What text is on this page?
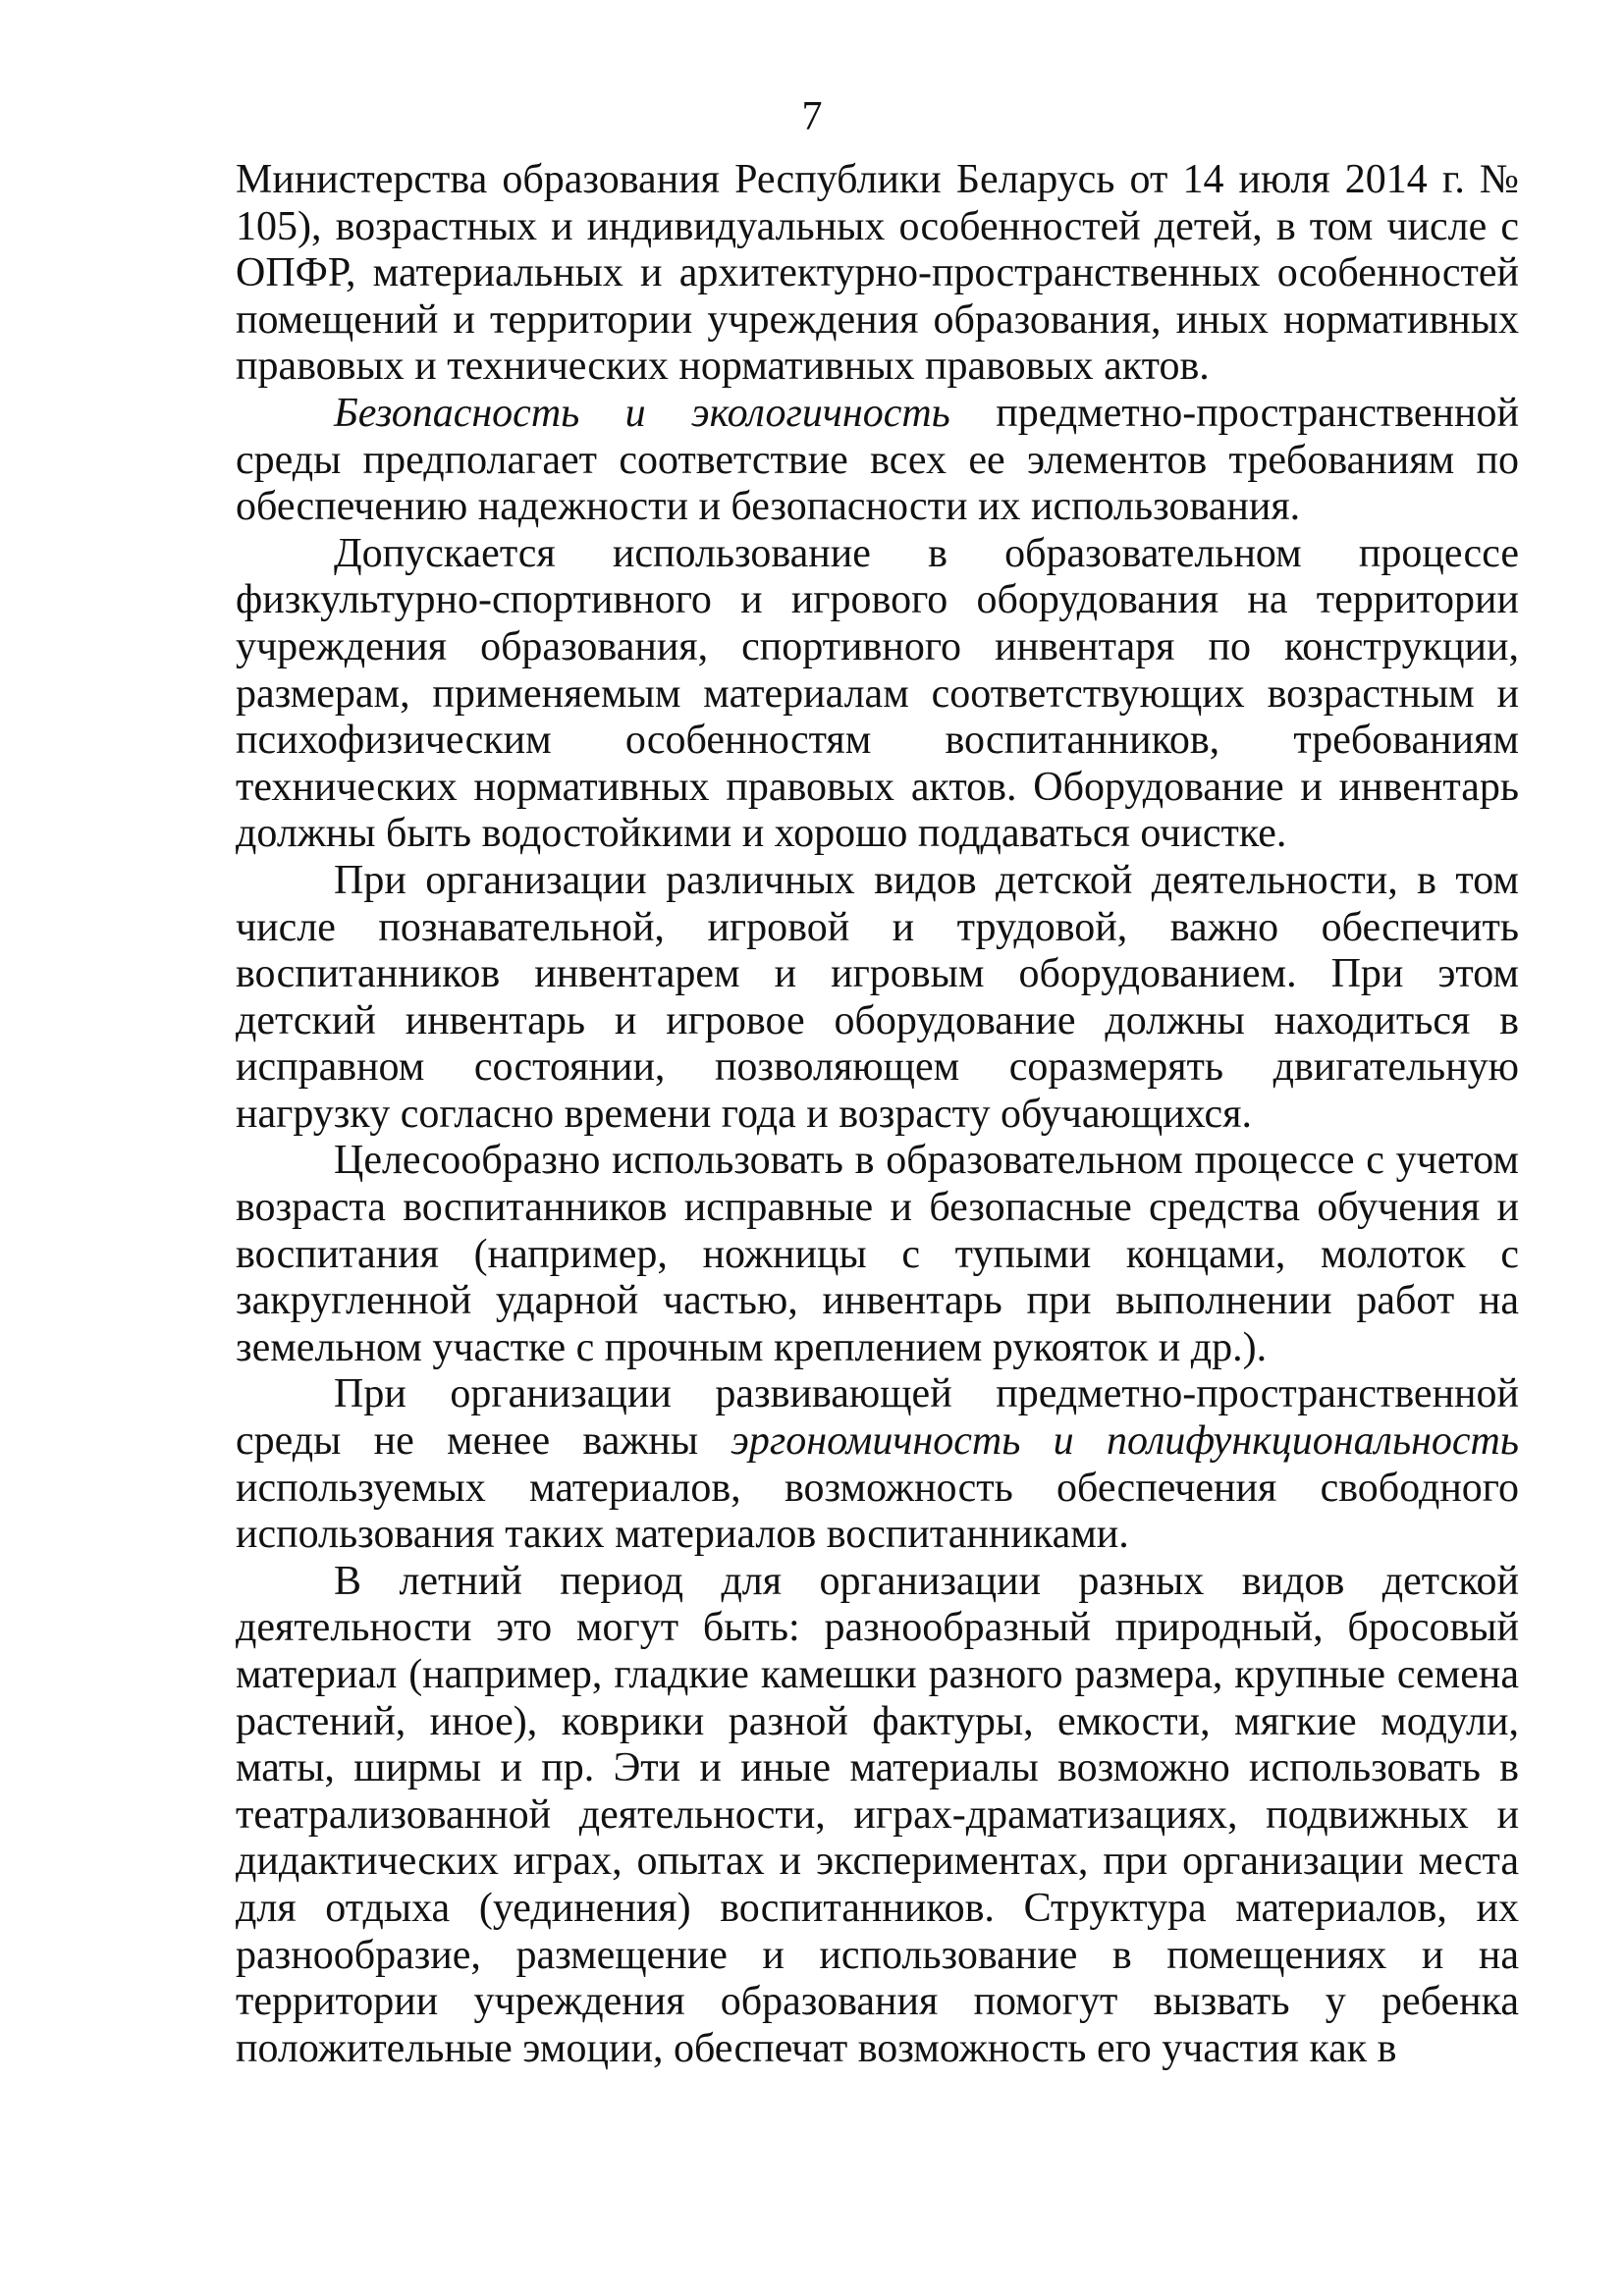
7

Министерства образования Республики Беларусь от 14 июля 2014 г. № 105), возрастных и индивидуальных особенностей детей, в том числе с ОПФР, материальных и архитектурно-пространственных особенностей помещений и территории учреждения образования, иных нормативных правовых и технических нормативных правовых актов.

Безопасность и экологичность предметно-пространственной среды предполагает соответствие всех ее элементов требованиям по обеспечению надежности и безопасности их использования.

Допускается использование в образовательном процессе физкультурно-спортивного и игрового оборудования на территории учреждения образования, спортивного инвентаря по конструкции, размерам, применяемым материалам соответствующих возрастным и психофизическим особенностям воспитанников, требованиям технических нормативных правовых актов. Оборудование и инвентарь должны быть водостойкими и хорошо поддаваться очистке.

При организации различных видов детской деятельности, в том числе познавательной, игровой и трудовой, важно обеспечить воспитанников инвентарем и игровым оборудованием. При этом детский инвентарь и игровое оборудование должны находиться в исправном состоянии, позволяющем соразмерять двигательную нагрузку согласно времени года и возрасту обучающихся.

Целесообразно использовать в образовательном процессе с учетом возраста воспитанников исправные и безопасные средства обучения и воспитания (например, ножницы с тупыми концами, молоток с закругленной ударной частью, инвентарь при выполнении работ на земельном участке с прочным креплением рукояток и др.).

При организации развивающей предметно-пространственной среды не менее важны эргономичность и полифункциональность используемых материалов, возможность обеспечения свободного использования таких материалов воспитанниками.

В летний период для организации разных видов детской деятельности это могут быть: разнообразный природный, бросовый материал (например, гладкие камешки разного размера, крупные семена растений, иное), коврики разной фактуры, емкости, мягкие модули, маты, ширмы и пр. Эти и иные материалы возможно использовать в театрализованной деятельности, играх-драматизациях, подвижных и дидактических играх, опытах и экспериментах, при организации места для отдыха (уединения) воспитанников. Структура материалов, их разнообразие, размещение и использование в помещениях и на территории учреждения образования помогут вызвать у ребенка положительные эмоции, обеспечат возможность его участия как в
